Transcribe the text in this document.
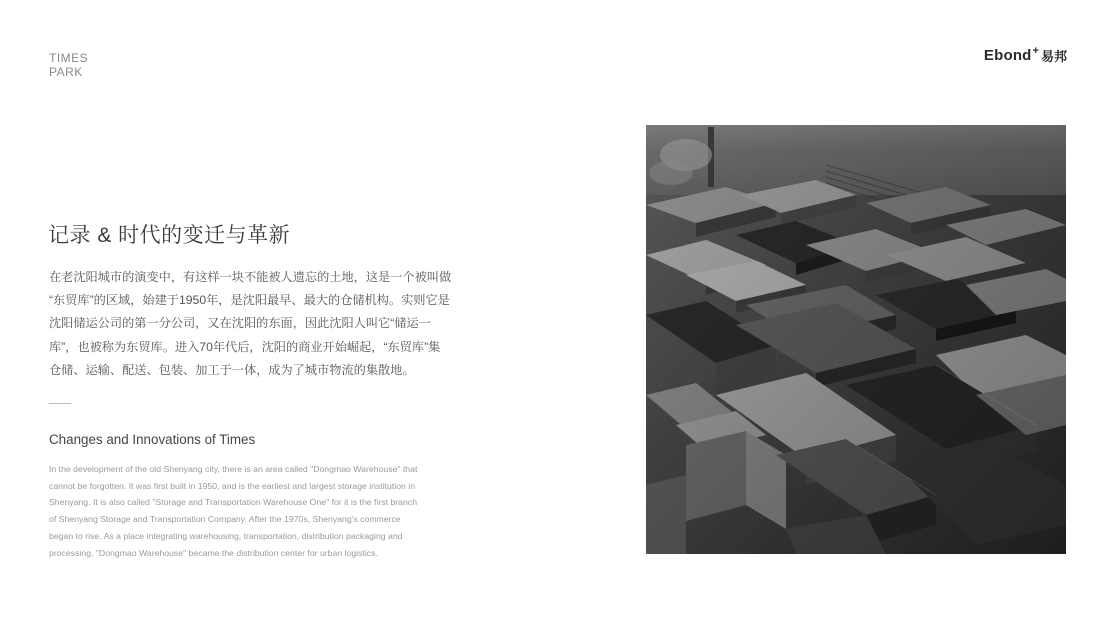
TIMES
PARK
Ebond + 易邦
记录 & 时代的变迁与革新
在老沈阳城市的演变中，有这样一块不能被人遗忘的土地，这是一个被叫做
“东贸库”的区域，始建于1950年，是沈阳最早、最大的仓储机构。实则它是
沈阳储运公司的第一分公司，又在沈阳的东面，因此沈阳人叫它“储运一
库”，也被称为东贸库。进入70年代后，沈阳的商业开始崛起，“东贸库”集
仓储、运输、配送、包装、加工于一体，成为了城市物流的集散地。
Changes and Innovations of Times
In the development of the old Shenyang city, there is an area called "Dongmao Warehouse" that
cannot be forgotten. It was first built in 1950, and is the earliest and largest storage institution in
Shenyang. It is also called "Storage and Transportation Warehouse One" for it is the first branch
of Shenyang Storage and Transportation Company. After the 1970s, Shenyang's commerce
began to rise. As a place integrating warehousing, transportation, distribution packaging and
processing, "Dongmao Warehouse" became the distribution center for urban logistics.
